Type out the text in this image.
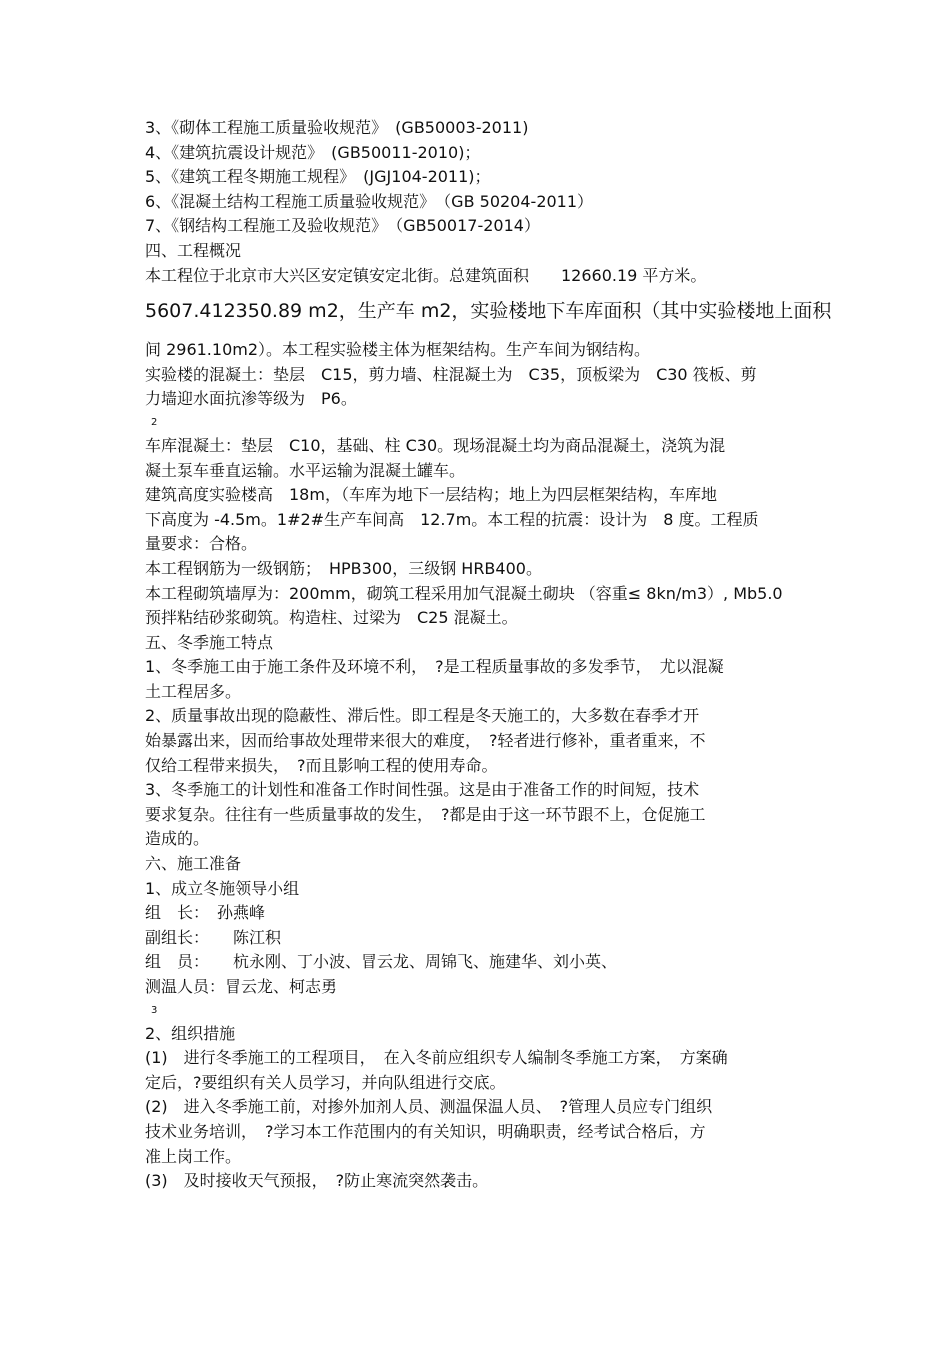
3、《砌体工程施工质量验收规范》　(GB50003-2011)
4、《建筑抗震设计规范》　(GB50011-2010)；
5、《建筑工程冬期施工规程》　(JGJ104-2011)；
6、《混凝土结构工程施工质量验收规范》　（GB 50204-2011）
7、《钢结构工程施工及验收规范》　（GB50017-2014）
四、工程概况
本工程位于北京市大兴区安定镇安定北街。总建筑面积　　12660.19 平方米。
5607.412350.89 m2，生产车 m2，实验楼地下车库面积（其中实验楼地上面积
间 2961.10m2）。本工程实验楼主体为框架结构。生产车间为钢结构。
实验楼的混凝土：垫层　C15，剪力墙、柱混凝土为　C35，顶板梁为　C30 筏板、剪
力墙迎水面抗渗等级为　P6。
2
车库混凝土：垫层　C10，基础、柱 C30。现场混凝土均为商品混凝土，浇筑为混
凝土泵车垂直运输。水平运输为混凝土罐车。
建筑高度实验楼高　18m，（车库为地下一层结构；地上为四层框架结构，车库地
下高度为 -4.5m。1#2#生产车间高　12.7m。本工程的抗震：设计为　8 度。工程质
量要求：合格。
本工程钢筋为一级钢筋；　HPB300，三级钢 HRB400。
本工程砌筑墙厚为：200mm，砌筑工程采用加气混凝土砌块 （容重≤ 8kn/m3）, Mb5.0
预拌粘结砂浆砌筑。构造柱、过梁为　C25 混凝土。
五、冬季施工特点
1、冬季施工由于施工条件及环境不利，　?是工程质量事故的多发季节，　尤以混凝
土工程居多。
2、质量事故出现的隐蔽性、滞后性。即工程是冬天施工的，大多数在春季才开
始暴露出来，因而给事故处理带来很大的难度，　?轻者进行修补，重者重来，不
仅给工程带来损失，　?而且影响工程的使用寿命。
3、冬季施工的计划性和准备工作时间性强。这是由于准备工作的时间短，技术
要求复杂。往往有一些质量事故的发生，　?都是由于这一环节跟不上，仓促施工
造成的。
六、施工准备
1、成立冬施领导小组
组　长：　孙燕峰
副组长：　　陈江积
组　员：　　杭永刚、丁小波、冒云龙、周锦飞、施建华、刘小英、
测温人员：冒云龙、柯志勇
3
2、组织措施
(1)　进行冬季施工的工程项目，　在入冬前应组织专人编制冬季施工方案，　方案确
定后，?要组织有关人员学习，并向队组进行交底。
(2)　进入冬季施工前，对掺外加剂人员、测温保温人员、　?管理人员应专门组织
技术业务培训，　?学习本工作范围内的有关知识，明确职责，经考试合格后，方
准上岗工作。
(3)　及时接收天气预报，　?防止寒流突然袭击。
